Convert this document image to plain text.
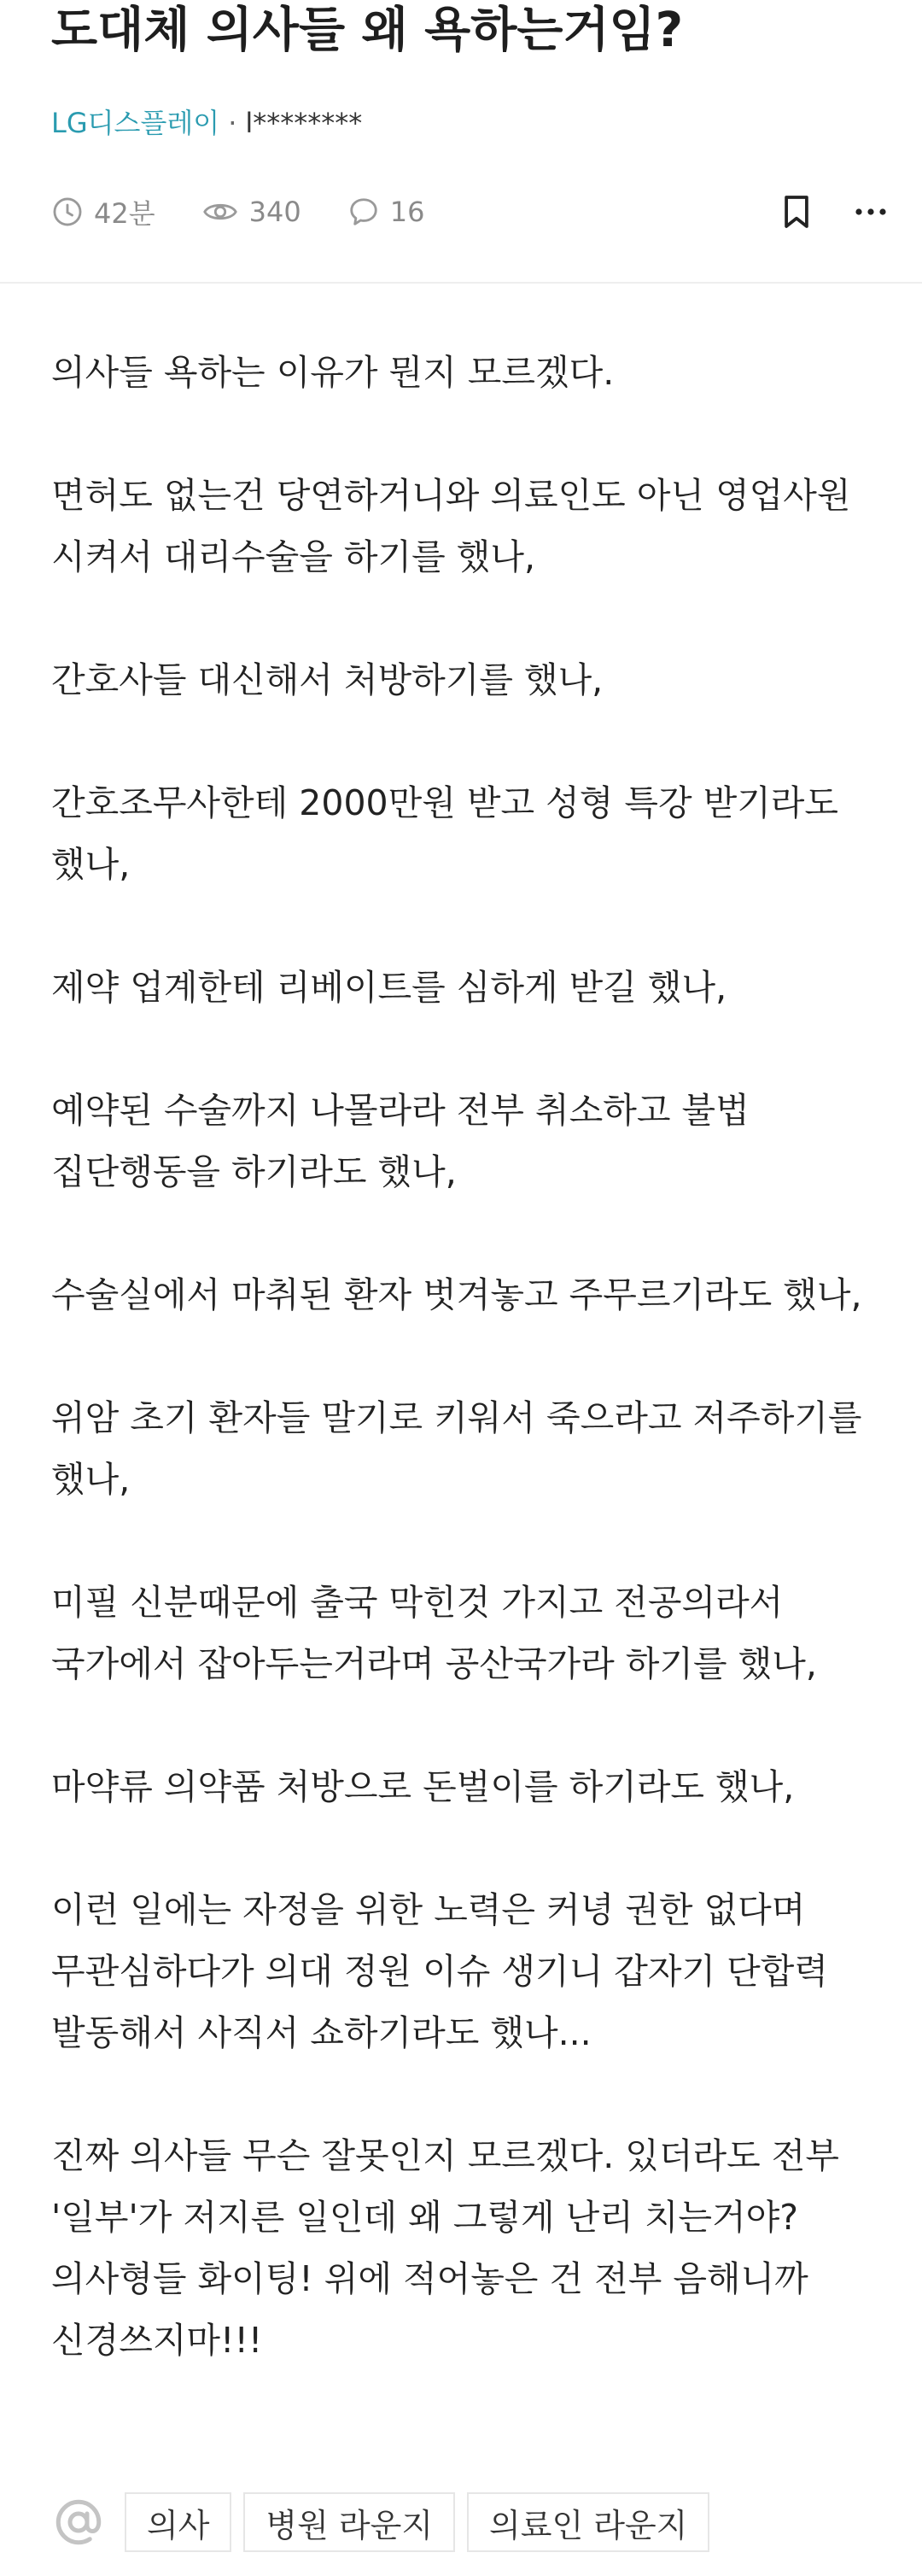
도대체 의사들 왜 욕하는거임?
LG디스플레이 · l********
42분	340	16

의사들 욕하는 이유가 뭔지 모르겠다.

면허도 없는건 당연하거니와 의료인도 아닌 영업사원 시켜서 대리수술을 하기를 했나,

간호사들 대신해서 처방하기를 했나,

간호조무사한테 2000만원 받고 성형 특강 받기라도 했나,

제약 업계한테 리베이트를 심하게 받길 했나,

예약된 수술까지 나몰라라 전부 취소하고 불법 집단행동을 하기라도 했나,

수술실에서 마취된 환자 벗겨놓고 주무르기라도 했나,

위암 초기 환자들 말기로 키워서 죽으라고 저주하기를 했나,

미필 신분때문에 출국 막힌것 가지고 전공의라서 국가에서 잡아두는거라며 공산국가라 하기를 했나,

마약류 의약품 처방으로 돈벌이를 하기라도 했나,

이런 일에는 자정을 위한 노력은 커녕 권한 없다며 무관심하다가 의대 정원 이슈 생기니 갑자기 단합력 발동해서 사직서 쇼하기라도 했나...

진짜 의사들 무슨 잘못인지 모르겠다. 있더라도 전부 '일부'가 저지른 일인데 왜 그렇게 난리 치는거야? 의사형들 화이팅! 위에 적어놓은 건 전부 음해니까 신경쓰지마!!!

의사	병원 라운지	의료인 라운지
